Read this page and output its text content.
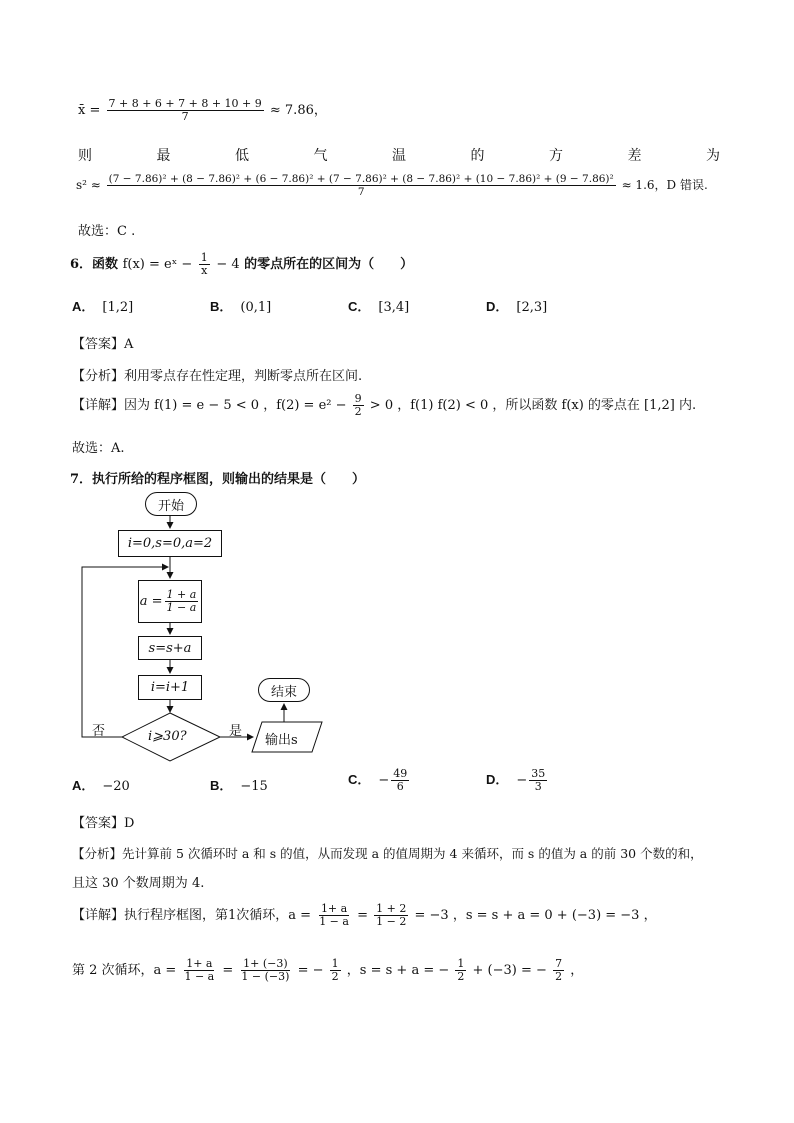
x̄ = $\frac{7 + 8 + 6 + 7 + 8 + 10 + 9}{7} \approx 7.86$，
则	最	低	气	温	的	方	差	为
s² ≈ (7 − 7.86)² + (8 − 7.86)² + (6 − 7.86)² + (7 − 7.86)² + (8 − 7.86)² + (10 − 7.86)² + (9 − 7.86)²
7	≈ 1.6，D 错误.
故选：C .
6．函数 f(x) = eˣ − $\frac{1}{x} - 4$ 的零点所在的区间为（　　）
A． [1,2]	B． (0,1]	C． [3,4]	D． [2,3]
【答案】A
【分析】利用零点存在性定理，判断零点所在区间.
【详解】因为 f(1) = e − 5 < 0 ，$f(2) = e^2 - \frac{9}{2} > 0$ ，f(1) f(2) < 0 ，所以函数 f(x) 的零点在 [1,2] 内.
故选：A.
7．执行所给的程序框图，则输出的结果是（　　）
开始
i=0,s=0,a=2
$a = \frac{1 + a}{1 - a}$
s=s+a
i=i+1
i⩾30?
否	是
输出s
结束
A． −20	B． −15	C． − $\frac{49}{6}$	D． − $\frac{35}{3}$
【答案】D
【分析】先计算前 5 次循环时 a 和 s 的值，从而发现 a 的值周期为 4 来循环，而 s 的值为 a 的前 30 个数的和，
且这 30 个数周期为 4.
【详解】执行程序框图，第1次循环，$a = \frac{1+ a}{1 - a} = \frac{1 + 2}{1 - 2} = -3$ ，s = s + a = 0 + (−3) = −3 ，
第 2 次循环，$a = \frac{1+ a}{1 - a} = \frac{1+ (-3)}{1 - (-3)}$ = − $\frac{1}{2}$ ，s = s + a = − $\frac{1}{2} + (-3)$ = − $\frac{7}{2}$ ，
